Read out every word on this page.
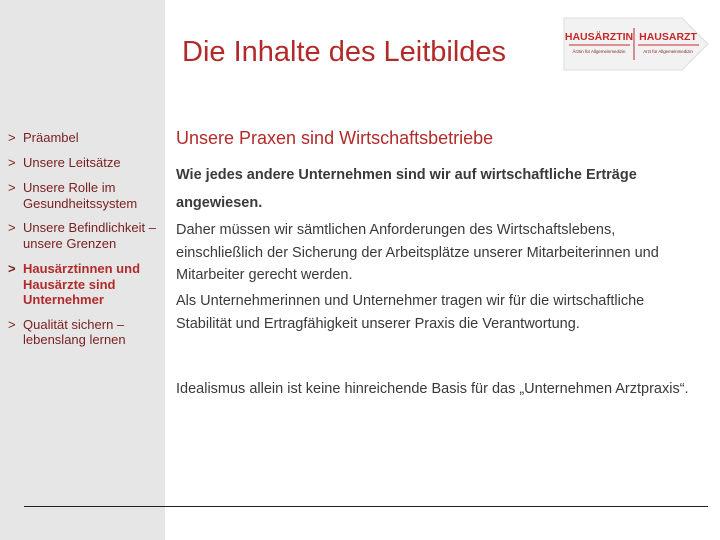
Die Inhalte des Leitbildes	HAUSÄRZTIN HAUSARZT
Ärztin für Allgemeinmedizin	Arzt für Allgemeinmedizin
> Präambel
> Unsere Leitsätze
> Unsere Rolle im Gesundheitssystem
> Unsere Befindlichkeit – unsere Grenzen
> Hausärztinnen und Hausärzte sind Unternehmer
> Qualität sichern – lebenslang lernen
Unsere Praxen sind Wirtschaftsbetriebe
Wie jedes andere Unternehmen sind wir auf wirtschaftliche Erträge angewiesen.
Daher müssen wir sämtlichen Anforderungen des Wirtschaftslebens, einschließlich der Sicherung der Arbeitsplätze unserer Mitarbeiterinnen und Mitarbeiter gerecht werden.
Als Unternehmerinnen und Unternehmer tragen wir für die wirtschaftliche Stabilität und Ertragfähigkeit unserer Praxis die Verantwortung.
Idealismus allein ist keine hinreichende Basis für das „Unternehmen Arztpraxis“.
